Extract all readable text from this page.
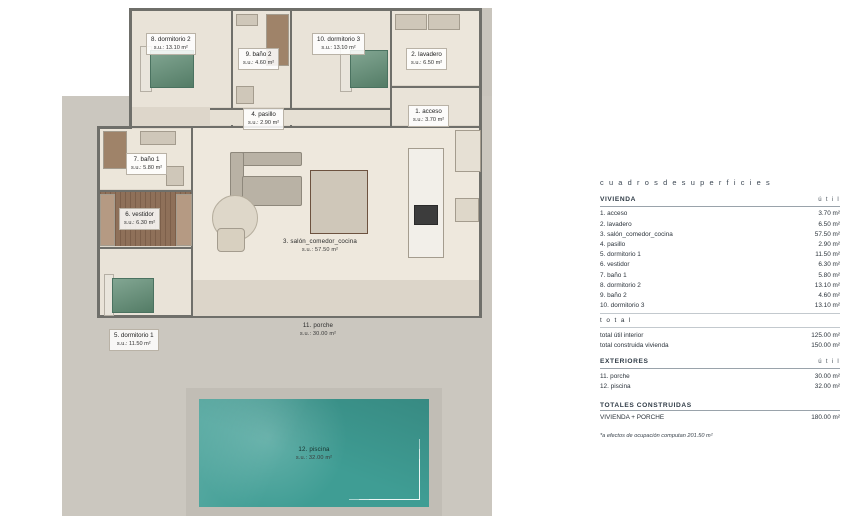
8. dormitorio 2
s.u.: 13.10 m²
9. baño 2
s.u.: 4.60 m²
10. dormitorio 3
s.u.: 13.10 m²
2. lavadero
s.u.: 6.50 m²
1. acceso
s.u.: 3.70 m²
4. pasillo
s.u.: 2.90 m²
7. baño 1
s.u.: 5.80 m²
6. vestidor
s.u.: 6.30 m²
5. dormitorio 1
s.u.: 11.50 m²
3. salón_comedor_cocina
s.u.: 57.50 m²
11. porche
s.u.: 30.00 m²
12. piscina
s.u.: 32.00 m²
c u a d r o s d e s u p e r f i c i e s
VIVIENDA	ú t i l
1. acceso	3.70 m²
2. lavadero	6.50 m²
3. salón_comedor_cocina	57.50 m²
4. pasillo	2.90 m²
5. dormitorio 1	11.50 m²
6. vestidor	6.30 m²
7. baño 1	5.80 m²
8. dormitorio 2	13.10 m²
9. baño 2	4.60 m²
10. dormitorio 3	13.10 m²
t o t a l
total útil interior	125.00 m²
total construida vivienda	150.00 m²
EXTERIORES	ú t i l
11. porche	30.00 m²
12. piscina	32.00 m²
TOTALES CONSTRUIDAS
VIVIENDA + PORCHE	180.00 m²
*a efectos de ocupación computan 201.50 m²
